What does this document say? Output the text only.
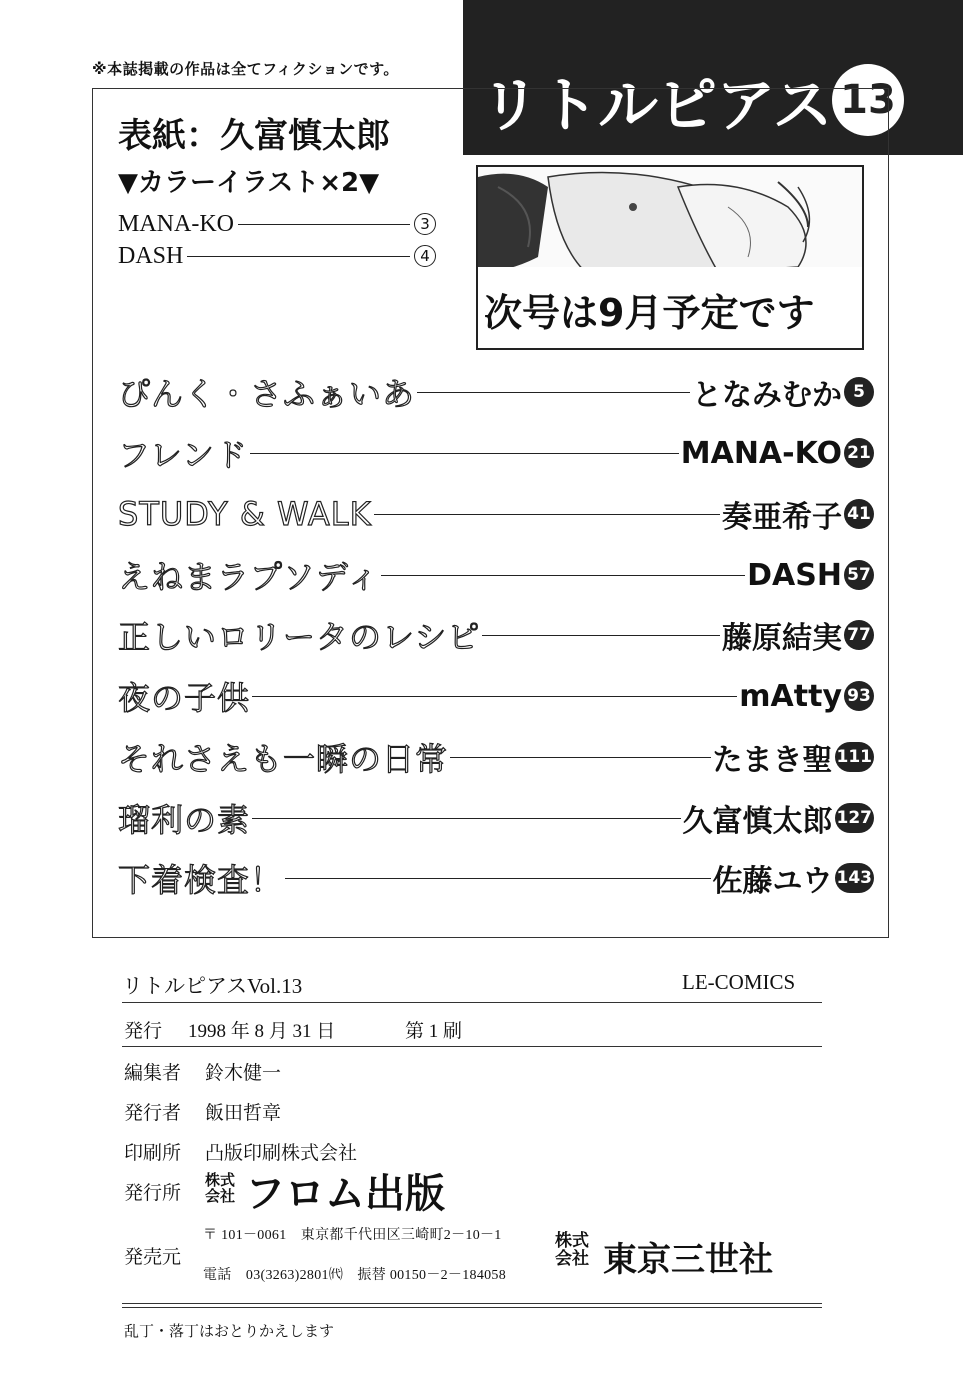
※本誌掲載の作品は全てフィクションです。
リトルピアス 13
表紙：久富慎太郎
▼カラーイラスト×2▼
MANA-KO	3
DASH	4
次号は9月予定です
ぴんく・さふぁいあ	となみむか 5
フレンド	MANA-KO 21
STUDY & WALK	奏亜希子 41
えねまラプソディ	DASH 57
正しいロリータのレシピ	藤原結実 77
夜の子供	mAtty 93
それさえも一瞬の日常	たまき聖 111
瑠利の素	久富慎太郎 127
下着検査！	佐藤ユウ 143
リトルピアスVol.13	LE-COMICS
発行 1998 年 8 月 31 日	第 1 刷
編集者 鈴木健一
発行者 飯田哲章
印刷所 凸版印刷株式会社
発行所
株式会社 フロム出版
発売元
〒 101－0061　東京都千代田区三崎町2－10－1
電話　03(3263)2801㈹　振替 00150－2－184058
株式会社 東京三世社
乱丁・落丁はおとりかえします
